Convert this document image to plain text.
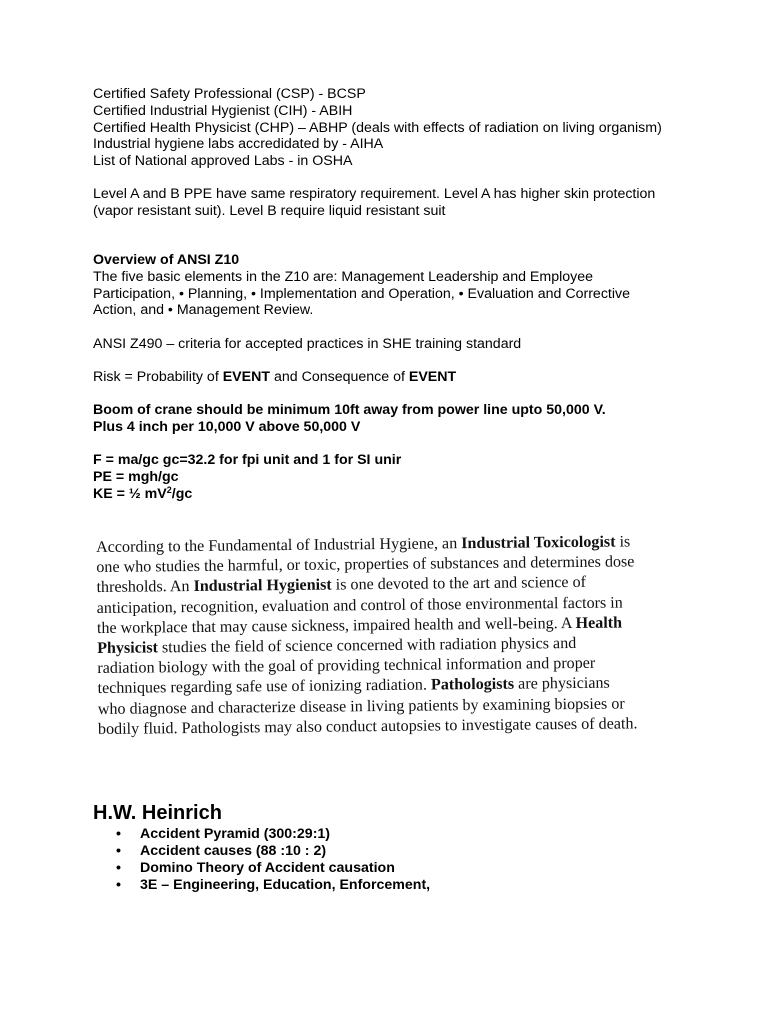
Certified Safety Professional (CSP) - BCSP
Certified Industrial Hygienist (CIH) - ABIH
Certified Health Physicist (CHP) – ABHP (deals with effects of radiation on living organism)
Industrial hygiene labs accredidated by - AIHA
List of National approved Labs - in OSHA
Level A and B PPE have same respiratory requirement. Level A has higher skin protection (vapor resistant suit). Level B require liquid resistant suit
Overview of ANSI Z10
The five basic elements in the Z10 are: Management Leadership and Employee Participation, • Planning, • Implementation and Operation, • Evaluation and Corrective Action, and • Management Review.
ANSI Z490 – criteria for accepted practices in SHE training standard
Risk = Probability of EVENT and Consequence of EVENT
Boom of crane should be minimum 10ft away from power line upto 50,000 V.
Plus 4 inch per 10,000 V above 50,000 V
F = ma/gc gc=32.2 for fpi unit and 1 for SI unir
PE = mgh/gc
KE = ½ $mV^2/gc$
According to the Fundamental of Industrial Hygiene, an Industrial Toxicologist is one who studies the harmful, or toxic, properties of substances and determines dose thresholds. An Industrial Hygienist is one devoted to the art and science of anticipation, recognition, evaluation and control of those environmental factors in the workplace that may cause sickness, impaired health and well-being. A Health Physicist studies the field of science concerned with radiation physics and radiation biology with the goal of providing technical information and proper techniques regarding safe use of ionizing radiation. Pathologists are physicians who diagnose and characterize disease in living patients by examining biopsies or bodily fluid. Pathologists may also conduct autopsies to investigate causes of death.
H.W. Heinrich
• Accident Pyramid (300:29:1)
• Accident causes (88 :10 : 2)
• Domino Theory of Accident causation
• 3E – Engineering, Education, Enforcement,
